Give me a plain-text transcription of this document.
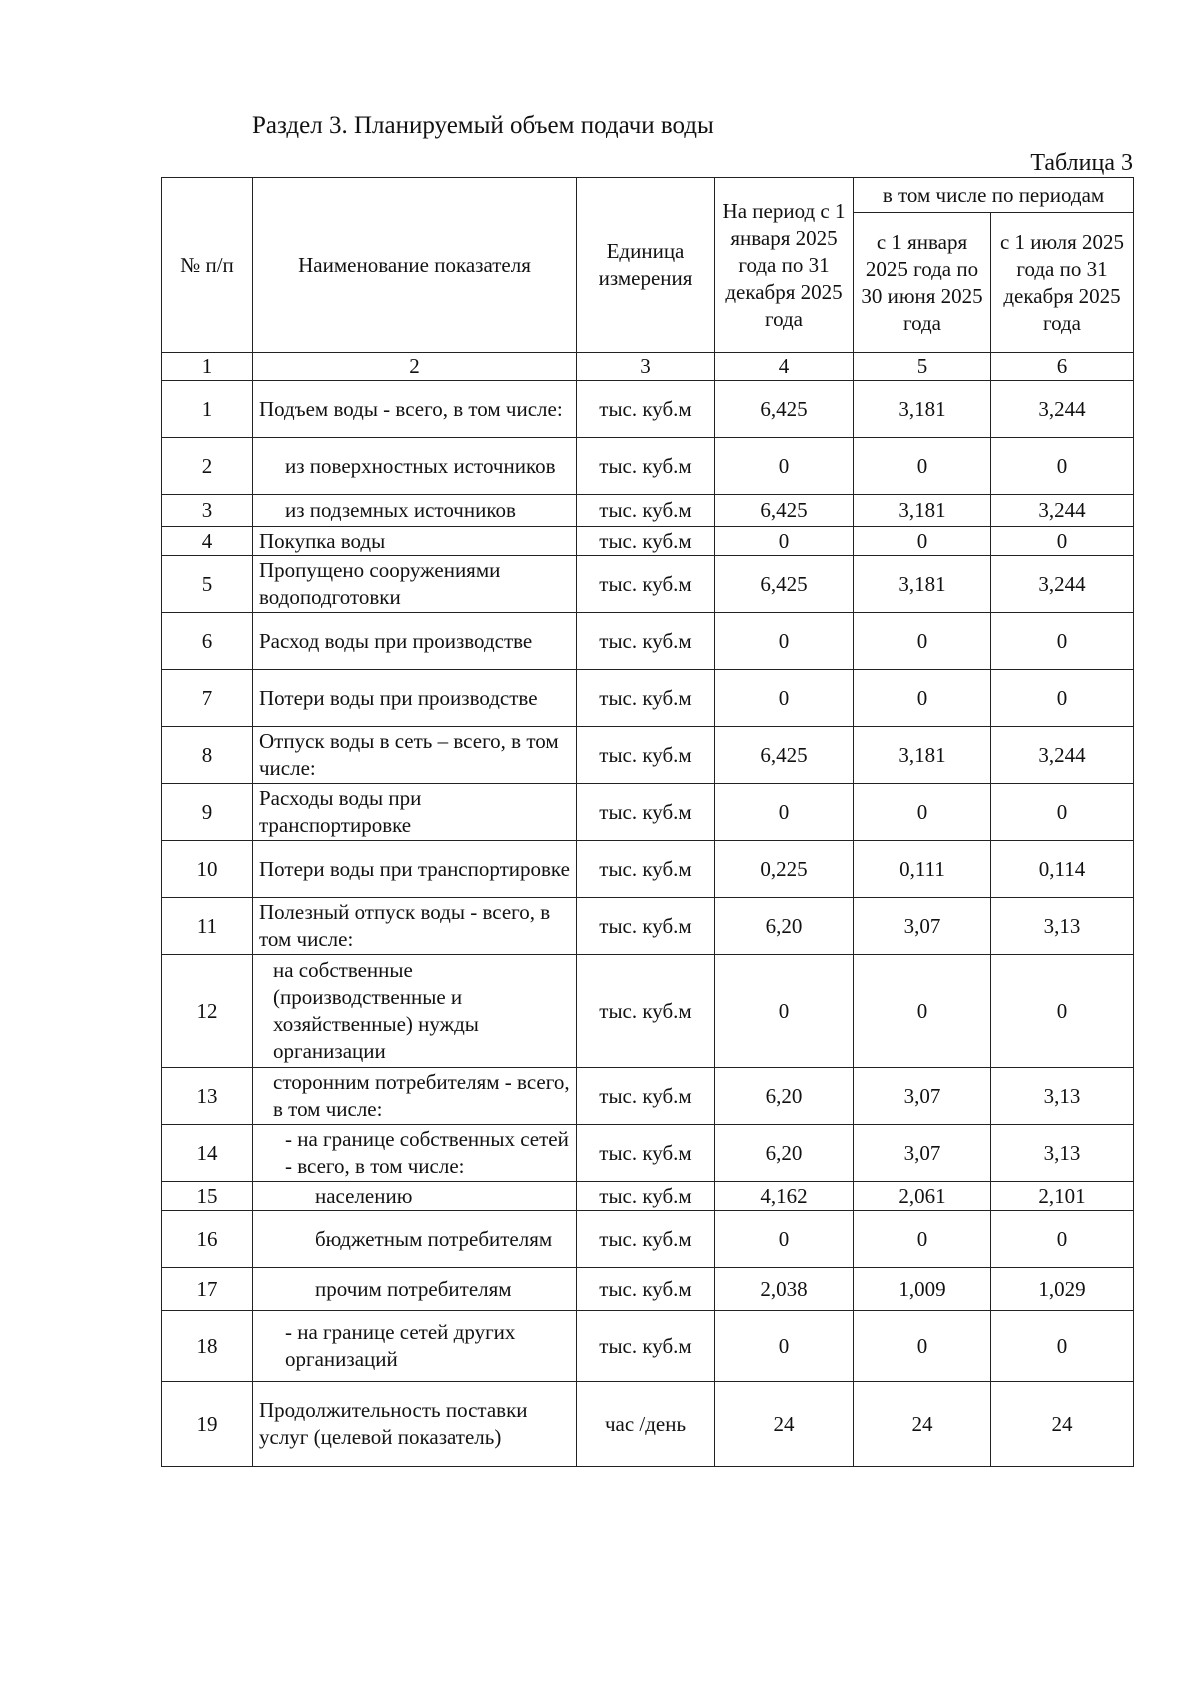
Раздел 3. Планируемый объем подачи воды
Таблица 3
№ п/п	Наименование показателя	Единица измерения	На период с 1 января 2025 года по 31 декабря 2025 года	в том числе по периодам	
				с 1 января 2025 года по 30 июня 2025 года	с 1 июля 2025 года по 31 декабря 2025 года
1	2	3	4	5	6
1	Подъем воды - всего, в том числе:	тыс. куб.м	6,425	3,181	3,244
2	из поверхностных источников	тыс. куб.м	0	0	0
3	из подземных источников	тыс. куб.м	6,425	3,181	3,244
4	Покупка воды	тыс. куб.м	0	0	0
5	Пропущено сооружениями водоподготовки	тыс. куб.м	6,425	3,181	3,244
6	Расход воды при производстве	тыс. куб.м	0	0	0
7	Потери воды при производстве	тыс. куб.м	0	0	0
8	Отпуск воды в сеть – всего, в том числе:	тыс. куб.м	6,425	3,181	3,244
9	Расходы воды при транспортировке	тыс. куб.м	0	0	0
10	Потери воды при транспортировке	тыс. куб.м	0,225	0,111	0,114
11	Полезный отпуск воды - всего, в том числе:	тыс. куб.м	6,20	3,07	3,13
12	на собственные (производственные и хозяйственные) нужды организации	тыс. куб.м	0	0	0
13	сторонним потребителям - всего, в том числе:	тыс. куб.м	6,20	3,07	3,13
14	- на границе собственных сетей - всего, в том числе:	тыс. куб.м	6,20	3,07	3,13
15	населению	тыс. куб.м	4,162	2,061	2,101
16	бюджетным потребителям	тыс. куб.м	0	0	0
17	прочим потребителям	тыс. куб.м	2,038	1,009	1,029
18	- на границе сетей других организаций	тыс. куб.м	0	0	0
19	Продолжительность поставки услуг (целевой показатель)	час /день	24	24	24
